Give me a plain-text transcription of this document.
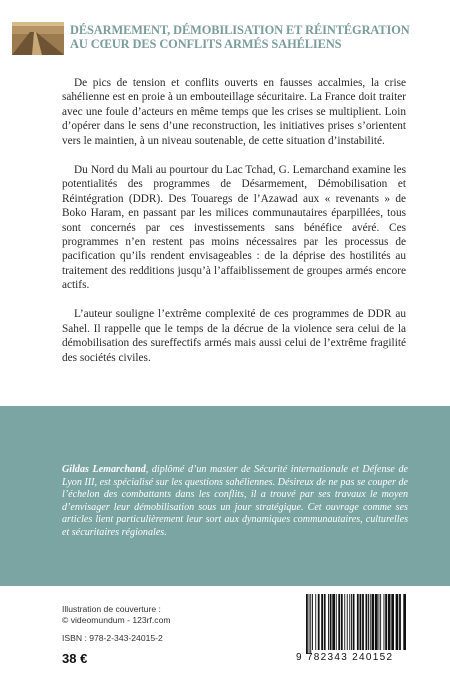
DÉSARMEMENT, DÉMOBILISATION ET RÉINTÉGRATION
AU CŒUR DES CONFLITS ARMÉS SAHÉLIENS

De pics de tension et conflits ouverts en fausses accalmies, la crise sahélienne est en proie à un embouteillage sécuritaire. La France doit traiter avec une foule d’acteurs en même temps que les crises se multiplient. Loin d’opérer dans le sens d’une reconstruction, les initiatives prises s’orientent vers le maintien, à un niveau soutenable, de cette situation d’instabilité.

Du Nord du Mali au pourtour du Lac Tchad, G. Lemarchand examine les potentialités des programmes de Désarmement, Démobilisation et Réintégration (DDR). Des Touaregs de l’Azawad aux « revenants » de Boko Haram, en passant par les milices communautaires éparpillées, tous sont concernés par ces investissements sans bénéfice avéré. Ces programmes n’en restent pas moins nécessaires par les processus de pacification qu’ils rendent envisageables : de la déprise des hostilités au traitement des redditions jusqu’à l’affaiblissement de groupes armés encore actifs.

L’auteur souligne l’extrême complexité de ces programmes de DDR au Sahel. Il rappelle que le temps de la décrue de la violence sera celui de la démobilisation des sureffectifs armés mais aussi celui de l’extrême fragilité des sociétés civiles.

Gildas Lemarchand, diplômé d’un master de Sécurité internationale et Défense de Lyon III, est spécialisé sur les questions sahéliennes. Désireux de ne pas se couper de l’échelon des combattants dans les conflits, il a trouvé par ses travaux le moyen d’envisager leur démobilisation sous un jour stratégique. Cet ouvrage comme ses articles lient particulièrement leur sort aux dynamiques communautaires, culturelles et sécuritaires régionales.

Illustration de couverture :
© videomundum - 123rf.com
ISBN : 978-2-343-24015-2
38 €	9 782343 240152
